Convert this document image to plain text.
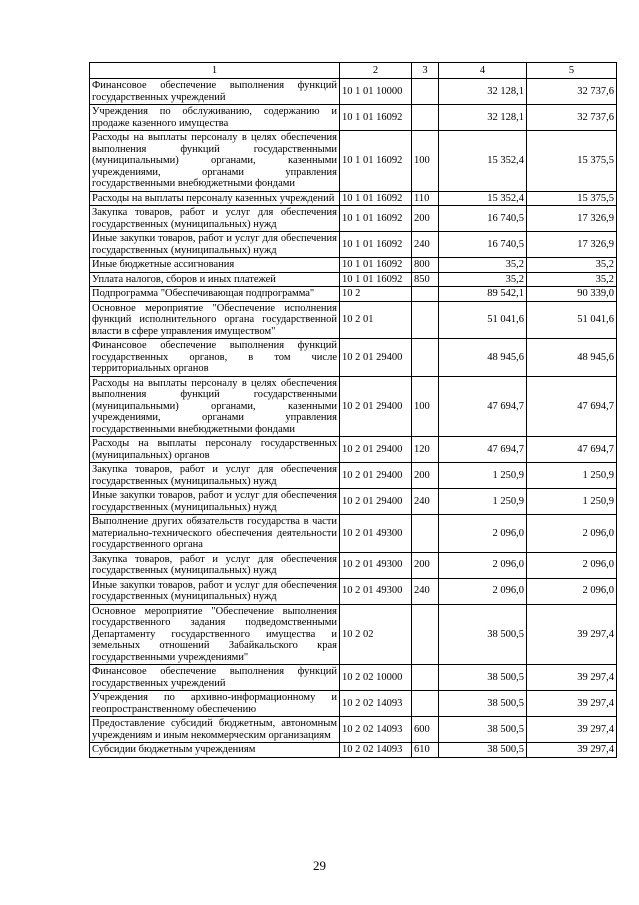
1	2	3	4	5
Финансовое обеспечение выполнения функций государственных учреждений	10 1 01 10000		32 128,1	32 737,6
Учреждения по обслуживанию, содержанию и продаже казенного имущества	10 1 01 16092		32 128,1	32 737,6
Расходы на выплаты персоналу в целях обеспечения выполнения функций государственными (муниципальными) органами, казенными учреждениями, органами управления государственными внебюджетными фондами	10 1 01 16092	100	15 352,4	15 375,5
Расходы на выплаты персоналу казенных учреждений	10 1 01 16092	110	15 352,4	15 375,5
Закупка товаров, работ и услуг для обеспечения государственных (муниципальных) нужд	10 1 01 16092	200	16 740,5	17 326,9
Иные закупки товаров, работ и услуг для обеспечения государственных (муниципальных) нужд	10 1 01 16092	240	16 740,5	17 326,9
Иные бюджетные ассигнования	10 1 01 16092	800	35,2	35,2
Уплата налогов, сборов и иных платежей	10 1 01 16092	850	35,2	35,2
Подпрограмма "Обеспечивающая подпрограмма"	10 2		89 542,1	90 339,0
Основное мероприятие "Обеспечение исполнения функций исполнительного органа государственной власти в сфере управления имуществом"	10 2 01		51 041,6	51 041,6
Финансовое обеспечение выполнения функций государственных органов, в том числе территориальных органов	10 2 01 29400		48 945,6	48 945,6
Расходы на выплаты персоналу в целях обеспечения выполнения функций государственными (муниципальными) органами, казенными учреждениями, органами управления государственными внебюджетными фондами	10 2 01 29400	100	47 694,7	47 694,7
Расходы на выплаты персоналу государственных (муниципальных) органов	10 2 01 29400	120	47 694,7	47 694,7
Закупка товаров, работ и услуг для обеспечения государственных (муниципальных) нужд	10 2 01 29400	200	1 250,9	1 250,9
Иные закупки товаров, работ и услуг для обеспечения государственных (муниципальных) нужд	10 2 01 29400	240	1 250,9	1 250,9
Выполнение других обязательств государства в части материально-технического обеспечения деятельности государственного органа	10 2 01 49300		2 096,0	2 096,0
Закупка товаров, работ и услуг для обеспечения государственных (муниципальных) нужд	10 2 01 49300	200	2 096,0	2 096,0
Иные закупки товаров, работ и услуг для обеспечения государственных (муниципальных) нужд	10 2 01 49300	240	2 096,0	2 096,0
Основное мероприятие "Обеспечение выполнения государственного задания подведомственными Департаменту государственного имущества и земельных отношений Забайкальского края государственными учреждениями"	10 2 02		38 500,5	39 297,4
Финансовое обеспечение выполнения функций государственных учреждений	10 2 02 10000		38 500,5	39 297,4
Учреждения по архивно-информационному и геопространственному обеспечению	10 2 02 14093		38 500,5	39 297,4
Предоставление субсидий бюджетным, автономным учреждениям и иным некоммерческим организациям	10 2 02 14093	600	38 500,5	39 297,4
Субсидии бюджетным учреждениям	10 2 02 14093	610	38 500,5	39 297,4
29
